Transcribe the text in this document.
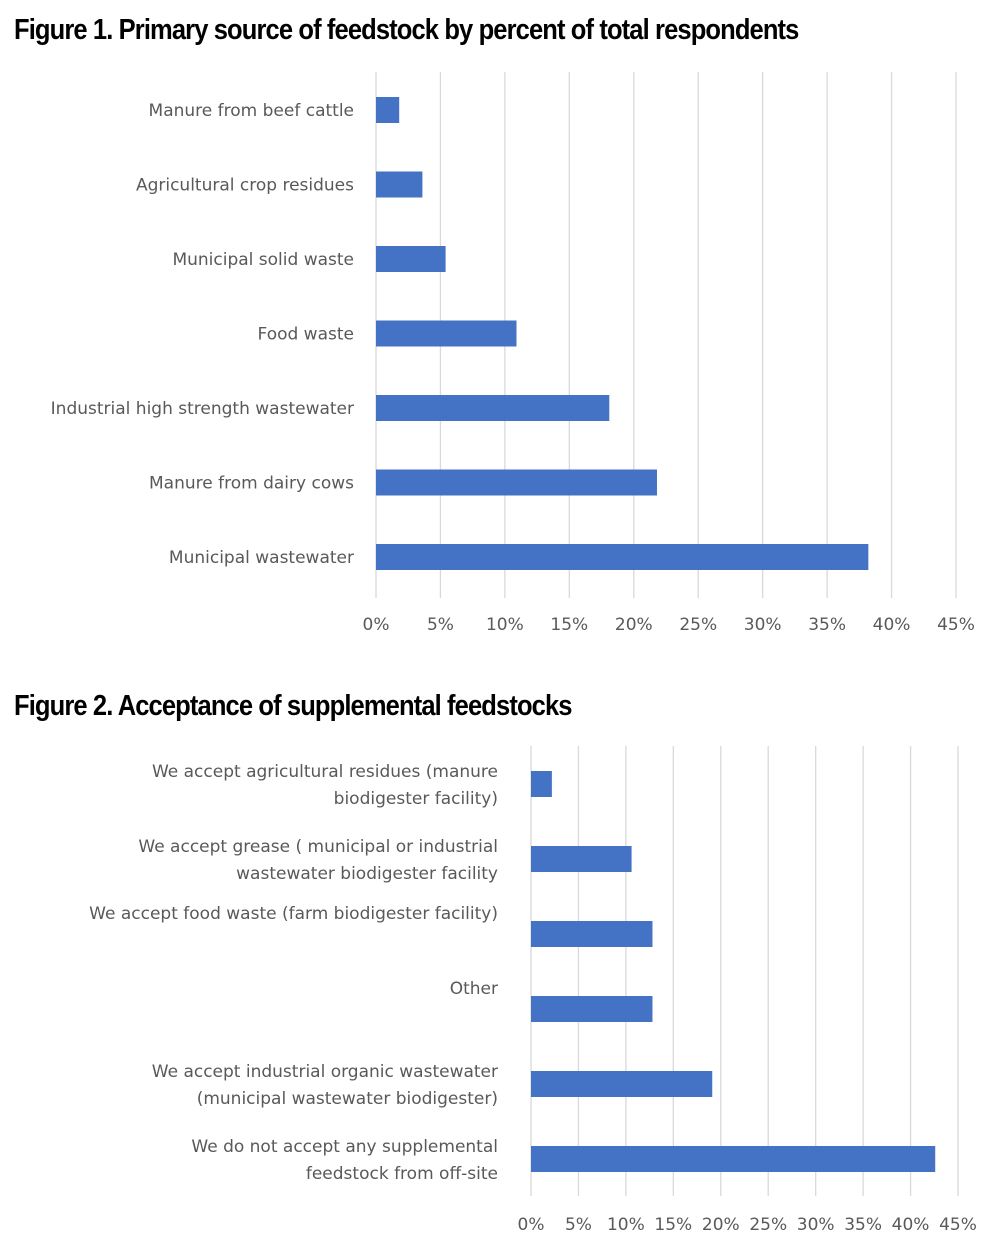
Figure 1. Primary source of feedstock by percent of total respondents
0% 5% 10% 15% 20% 25% 30% 35% 40% 45%
Manure from beef cattle
Agricultural crop residues
Municipal solid waste
Food waste
Industrial high strength wastewater
Manure from dairy cows
Municipal wastewater
Figure 2. Acceptance of supplemental feedstocks
0% 5% 10% 15% 20% 25% 30% 35% 40% 45%
We accept agricultural residues (manure
biodigester facility)
We accept grease ( municipal or industrial
wastewater biodigester facility
We accept food waste (farm biodigester facility)
Other
We accept industrial organic wastewater
(municipal wastewater biodigester)
We do not accept any supplemental
feedstock from off-site
